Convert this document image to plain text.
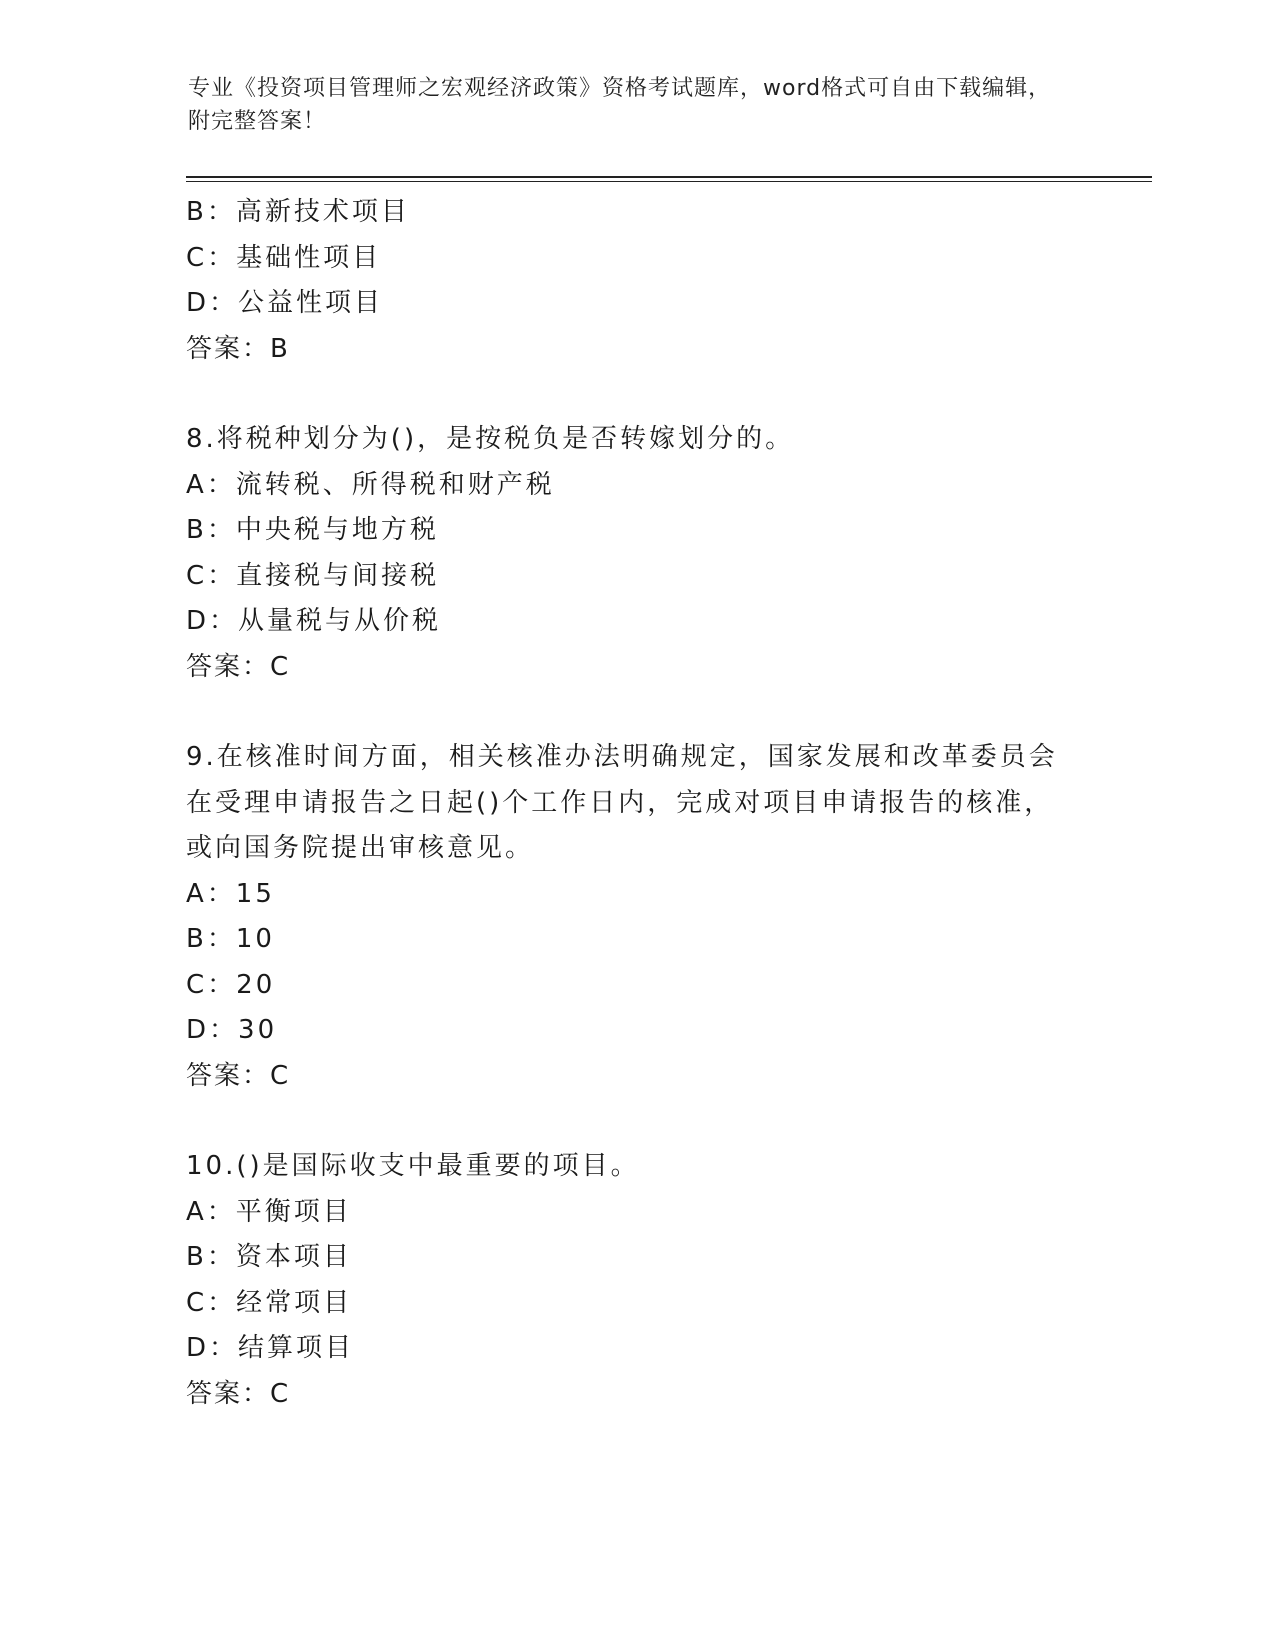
专业《投资项目管理师之宏观经济政策》资格考试题库，word格式可自由下载编辑，附完整答案！
B：高新技术项目
C：基础性项目
D：公益性项目
答案：B
8.将税种划分为()，是按税负是否转嫁划分的。
A：流转税、所得税和财产税
B：中央税与地方税
C：直接税与间接税
D：从量税与从价税
答案：C
9.在核准时间方面，相关核准办法明确规定，国家发展和改革委员会在受理申请报告之日起()个工作日内，完成对项目申请报告的核准，或向国务院提出审核意见。
A：15
B：10
C：20
D：30
答案：C
10.()是国际收支中最重要的项目。
A：平衡项目
B：资本项目
C：经常项目
D：结算项目
答案：C
